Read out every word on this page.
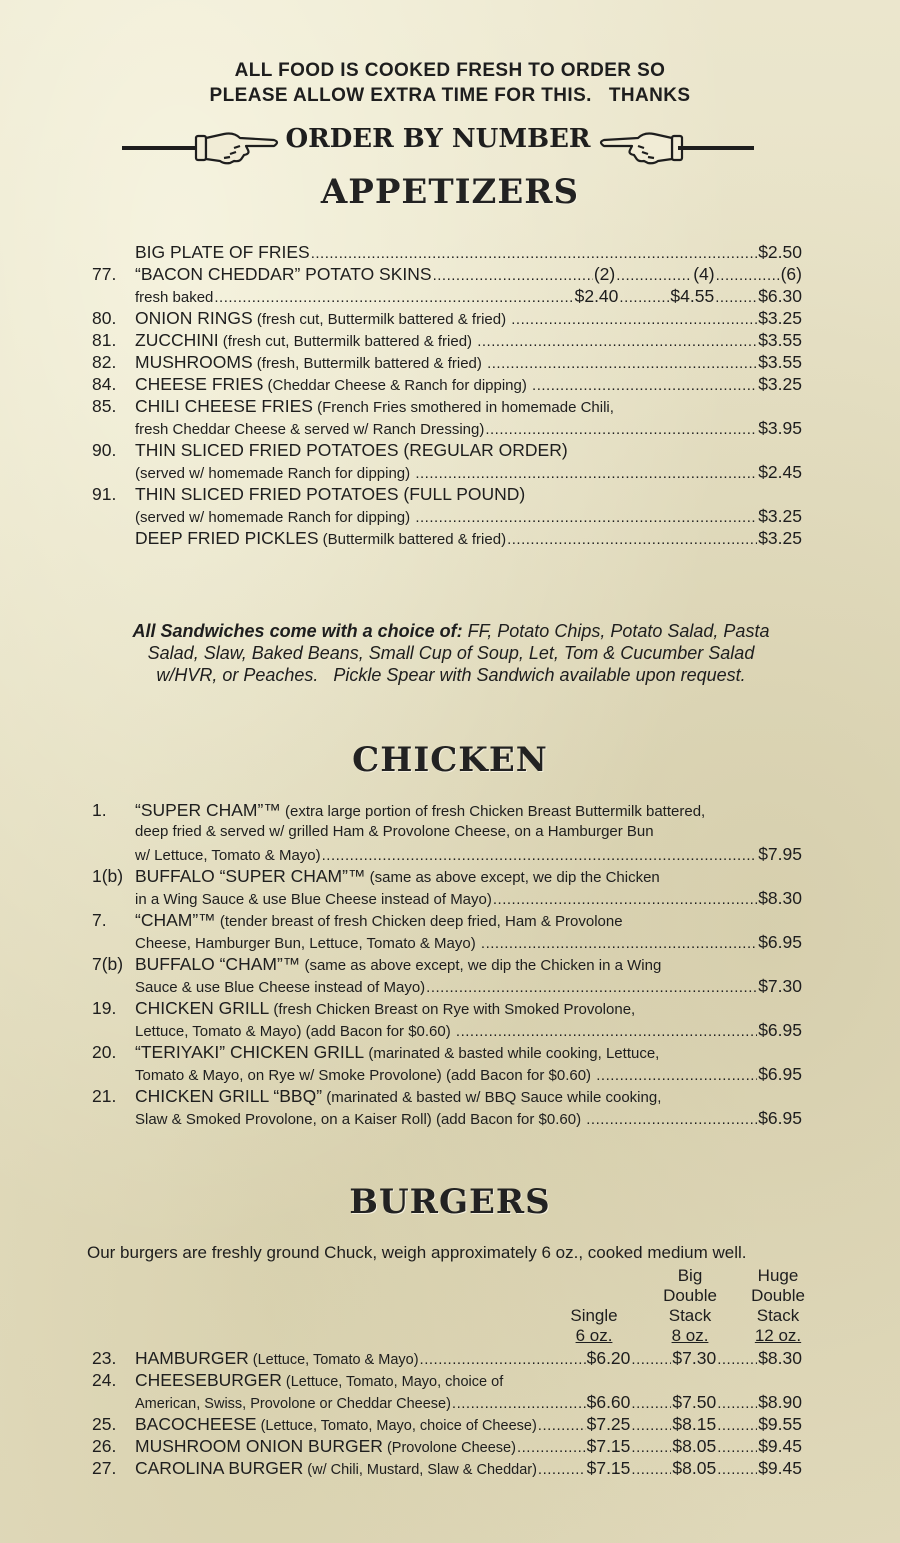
ALL FOOD IS COOKED FRESH TO ORDER SO
PLEASE ALLOW EXTRA TIME FOR THIS.   THANKS
ORDER BY NUMBER
APPETIZERS
BIG PLATE OF FRIES .....	$2.50
77. “BACON CHEDDAR” POTATO SKINS .....	(2) .....	(4) .....	(6)
fresh baked .....	$2.40 .....	$4.55 .....	$6.30
80. ONION RINGS (fresh cut, Buttermilk battered & fried) .....	$3.25
81. ZUCCHINI (fresh cut, Buttermilk battered & fried) .....	$3.55
82. MUSHROOMS (fresh, Buttermilk battered & fried) .....	$3.55
84. CHEESE FRIES (Cheddar Cheese & Ranch for dipping) .....	$3.25
85. CHILI CHEESE FRIES (French Fries smothered in homemade Chili,
fresh Cheddar Cheese & served w/ Ranch Dressing) .....	$3.95
90. THIN SLICED FRIED POTATOES (REGULAR ORDER)
(served w/ homemade Ranch for dipping) .....	$2.45
91. THIN SLICED FRIED POTATOES (FULL POUND)
(served w/ homemade Ranch for dipping) .....	$3.25
DEEP FRIED PICKLES (Buttermilk battered & fried) .....	$3.25
All Sandwiches come with a choice of: FF, Potato Chips, Potato Salad, Pasta
Salad, Slaw, Baked Beans, Small Cup of Soup, Let, Tom & Cucumber Salad
w/HVR, or Peaches.   Pickle Spear with Sandwich available upon request.
CHICKEN
1. “SUPER CHAM”™ (extra large portion of fresh Chicken Breast Buttermilk battered,
deep fried & served w/ grilled Ham & Provolone Cheese, on a Hamburger Bun
w/ Lettuce, Tomato & Mayo) .....	$7.95
1(b) BUFFALO “SUPER CHAM”™ (same as above except, we dip the Chicken
in a Wing Sauce & use Blue Cheese instead of Mayo) .....	$8.30
7. “CHAM”™ (tender breast of fresh Chicken deep fried, Ham & Provolone
Cheese, Hamburger Bun, Lettuce, Tomato & Mayo) .....	$6.95
7(b) BUFFALO “CHAM”™ (same as above except, we dip the Chicken in a Wing
Sauce & use Blue Cheese instead of Mayo) .....	$7.30
19. CHICKEN GRILL (fresh Chicken Breast on Rye with Smoked Provolone,
Lettuce, Tomato & Mayo) (add Bacon for $0.60) .....	$6.95
20. “TERIYAKI” CHICKEN GRILL (marinated & basted while cooking, Lettuce,
Tomato & Mayo, on Rye w/ Smoke Provolone) (add Bacon for $0.60) .....	$6.95
21. CHICKEN GRILL “BBQ” (marinated & basted w/ BBQ Sauce while cooking,
Slaw & Smoked Provolone, on a Kaiser Roll) (add Bacon for $0.60) .....	$6.95
BURGERS
Our burgers are freshly ground Chuck, weigh approximately 6 oz., cooked medium well.
Single
6 oz.
Big
Double
Stack
8 oz.
Huge
Double
Stack
12 oz.
23. HAMBURGER (Lettuce, Tomato & Mayo) .....	$6.20 ..... $7.30 ..... $8.30
24. CHEESEBURGER (Lettuce, Tomato, Mayo, choice of
American, Swiss, Provolone or Cheddar Cheese) .....	$6.60 ..... $7.50 ..... $8.90
25. BACOCHEESE (Lettuce, Tomato, Mayo, choice of Cheese) .....	$7.25 ..... $8.15 ..... $9.55
26. MUSHROOM ONION BURGER (Provolone Cheese) .....	$7.15 ..... $8.05 ..... $9.45
27. CAROLINA BURGER (w/ Chili, Mustard, Slaw & Cheddar) .....	$7.15 ..... $8.05 ..... $9.45
